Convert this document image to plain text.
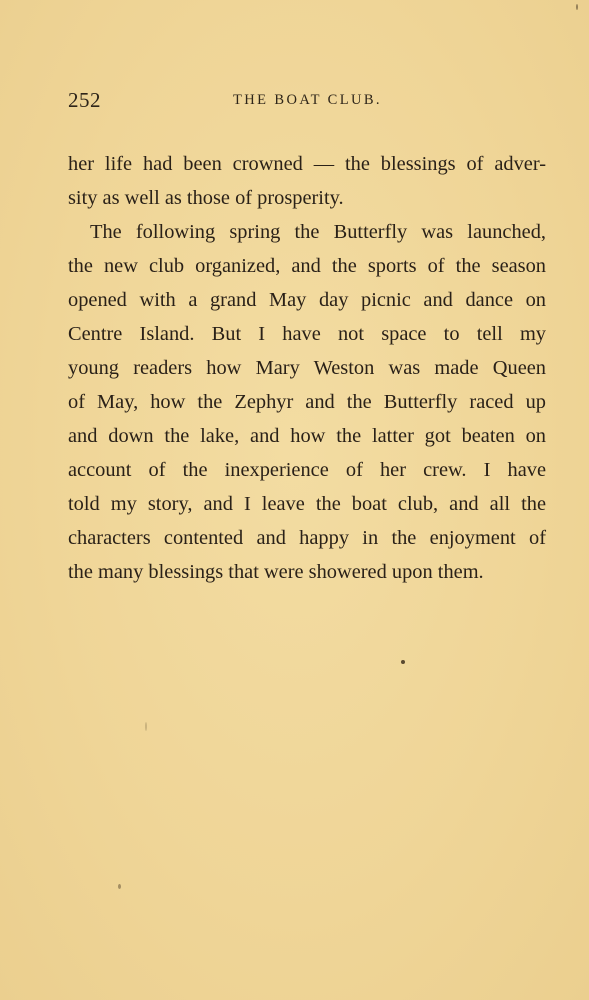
252	THE BOAT CLUB.
her life had been crowned — the blessings of adver-
sity as well as those of prosperity.
The following spring the Butterfly was launched,
the new club organized, and the sports of the season
opened with a grand May day picnic and dance on
Centre Island. But I have not space to tell my
young readers how Mary Weston was made Queen
of May, how the Zephyr and the Butterfly raced up
and down the lake, and how the latter got beaten on
account of the inexperience of her crew. I have
told my story, and I leave the boat club, and all the
characters contented and happy in the enjoyment of
the many blessings that were showered upon them.
